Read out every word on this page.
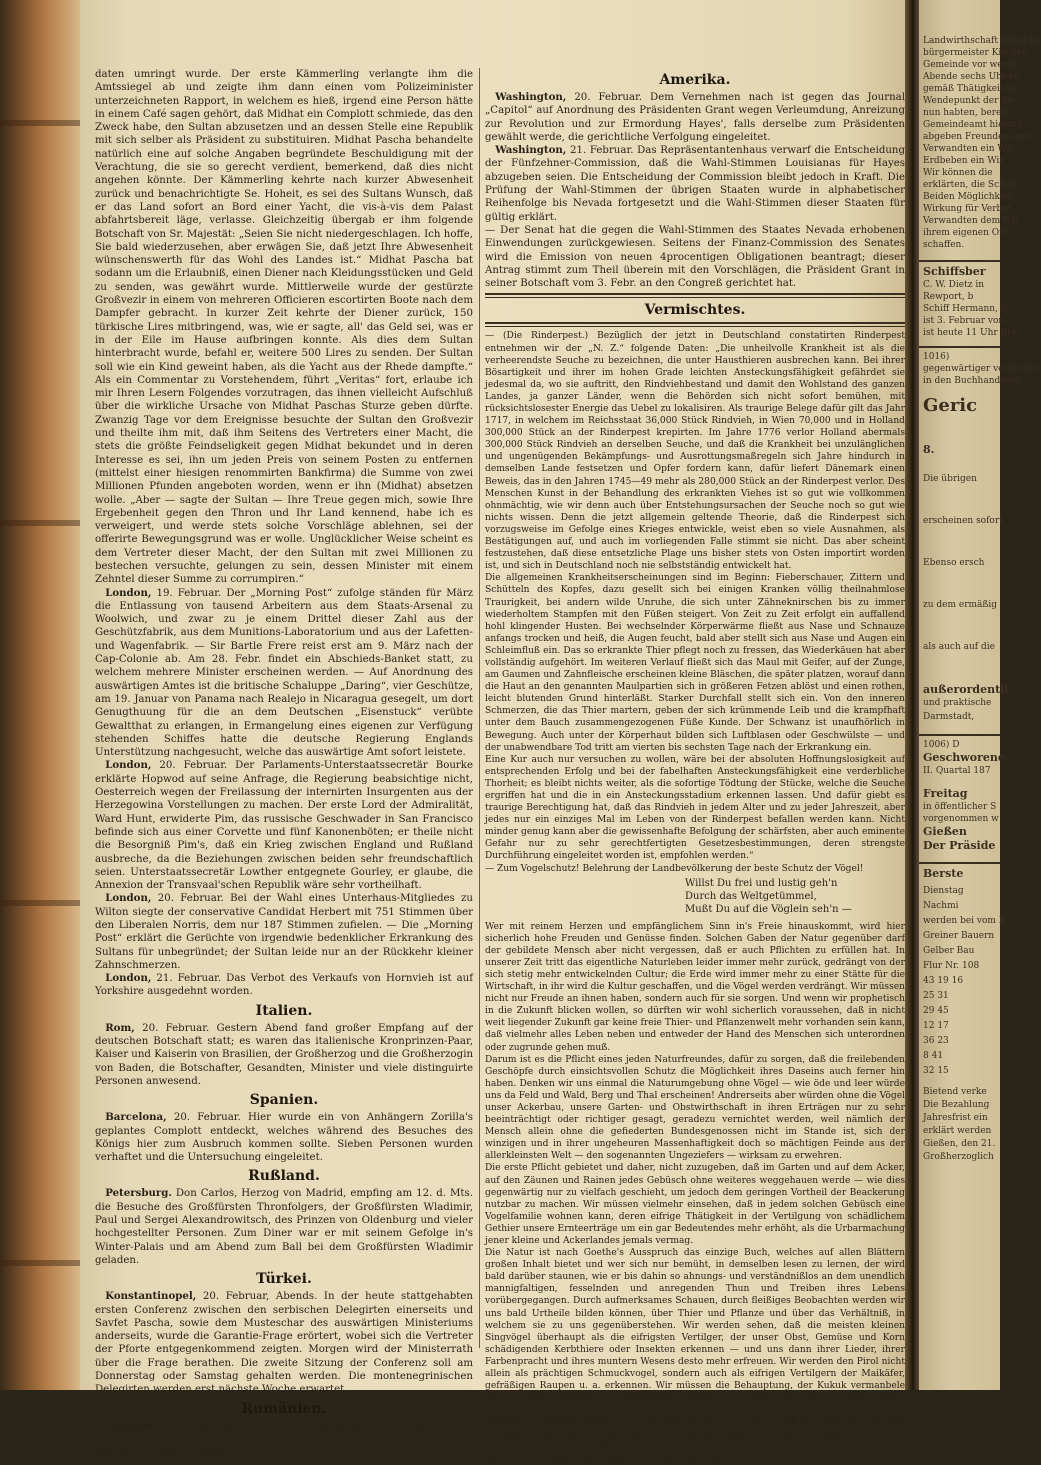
daten umringt wurde. Der erste Kämmerling verlangte ihm die Amtssiegel ab und zeigte ihm dann einen vom Polizeiminister unterzeichneten Rapport, in welchem es hieß, irgend eine Person hätte in einem Café sagen gehört, daß Midhat ein Complott schmiede, das den Zweck habe, den Sultan abzusetzen und an dessen Stelle eine Republik mit sich selber als Präsident zu substituiren. Midhat Pascha behandelte natürlich eine auf solche Angaben begründete Beschuldigung mit der Verachtung, die sie so gerecht verdient, bemerkend, daß dies nicht angehen könnte. Der Kämmerling kehrte nach kurzer Abwesenheit zurück und benachrichtigte Se. Hoheit, es sei des Sultans Wunsch, daß er das Land sofort an Bord einer Yacht, die vis-à-vis dem Palast abfahrtsbereit läge, verlasse. Gleichzeitig übergab er ihm folgende Botschaft von Sr. Majestät: „Seien Sie nicht niedergeschlagen. Ich hoffe, Sie bald wiederzusehen, aber erwägen Sie, daß jetzt Ihre Abwesenheit wünschenswerth für das Wohl des Landes ist.“ Midhat Pascha bat sodann um die Erlaubniß, einen Diener nach Kleidungsstücken und Geld zu senden, was gewährt wurde. Mittlerweile wurde der gestürzte Großvezir in einem von mehreren Officieren escortirten Boote nach dem Dampfer gebracht. In kurzer Zeit kehrte der Diener zurück, 150 türkische Lires mitbringend, was, wie er sagte, all' das Geld sei, was er in der Eile im Hause aufbringen konnte. Als dies dem Sultan hinterbracht wurde, befahl er, weitere 500 Lires zu senden. Der Sultan soll wie ein Kind geweint haben, als die Yacht aus der Rhede dampfte.“ Als ein Commentar zu Vorstehendem, führt „Veritas“ fort, erlaube ich mir Ihren Lesern Folgendes vorzutragen, das ihnen vielleicht Aufschluß über die wirkliche Ursache von Midhat Paschas Sturze geben dürfte. Zwanzig Tage vor dem Ereignisse besuchte der Sultan den Großvezir und theilte ihm mit, daß ihm Seitens des Vertreters einer Macht, die stets die größte Feindseligkeit gegen Midhat bekundet und in deren Interesse es sei, ihn um jeden Preis von seinem Posten zu entfernen (mittelst einer hiesigen renommirten Bankfirma) die Summe von zwei Millionen Pfunden angeboten worden, wenn er ihn (Midhat) absetzen wolle. „Aber — sagte der Sultan — Ihre Treue gegen mich, sowie Ihre Ergebenheit gegen den Thron und Ihr Land kennend, habe ich es verweigert, und werde stets solche Vorschläge ablehnen, sei der offerirte Bewegungsgrund was er wolle. Unglücklicher Weise scheint es dem Vertreter dieser Macht, der den Sultan mit zwei Millionen zu bestechen versuchte, gelungen zu sein, dessen Minister mit einem Zehntel dieser Summe zu corrumpiren.“

 London, 19. Februar. Der „Morning Post“ zufolge ständen für März die Entlassung von tausend Arbeitern aus dem Staats-Arsenal zu Woolwich, und zwar zu je einem Drittel dieser Zahl aus der Geschützfabrik, aus dem Munitions-Laboratorium und aus der Lafetten- und Wagenfabrik. — Sir Bartle Frere reist erst am 9. März nach der Cap-Colonie ab. Am 28. Febr. findet ein Abschieds-Banket statt, zu welchem mehrere Minister erscheinen werden. — Auf Anordnung des auswärtigen Amtes ist die britische Schaluppe „Daring“, vier Geschütze, am 19. Januar von Panama nach Realejo in Nicaragua gesegelt, um dort Genugthuung für die an dem Deutschen „Eisenstuck“ verübte Gewaltthat zu erlangen, in Ermangelung eines eigenen zur Verfügung stehenden Schiffes hatte die deutsche Regierung Englands Unterstützung nachgesucht, welche das auswärtige Amt sofort leistete.

 London, 20. Februar. Der Parlaments-Unterstaatssecretär Bourke erklärte Hopwod auf seine Anfrage, die Regierung beabsichtige nicht, Oesterreich wegen der Freilassung der internirten Insurgenten aus der Herzegowina Vorstellungen zu machen. Der erste Lord der Admiralität, Ward Hunt, erwiderte Pim, das russische Geschwader in San Francisco befinde sich aus einer Corvette und fünf Kanonenböten; er theile nicht die Besorgniß Pim's, daß ein Krieg zwischen England und Rußland ausbreche, da die Beziehungen zwischen beiden sehr freundschaftlich seien. Unterstaatssecretär Lowther entgegnete Gourley, er glaube, die Annexion der Transvaal'schen Republik wäre sehr vortheilhaft.

 London, 20. Februar. Bei der Wahl eines Unterhaus-Mitgliedes zu Wilton siegte der conservative Candidat Herbert mit 751 Stimmen über den Liberalen Norris, dem nur 187 Stimmen zufielen. — Die „Morning Post“ erklärt die Gerüchte von irgendwie bedenklicher Erkrankung des Sultans für unbegründet; der Sultan leide nur an der Rückkehr kleiner Zahnschmerzen.

 London, 21. Februar. Das Verbot des Verkaufs von Hornvieh ist auf Yorkshire ausgedehnt worden.

Italien.

 Rom, 20. Februar. Gestern Abend fand großer Empfang auf der deutschen Botschaft statt; es waren das italienische Kronprinzen-Paar, Kaiser und Kaiserin von Brasilien, der Großherzog und die Großherzogin von Baden, die Botschafter, Gesandten, Minister und viele distinguirte Personen anwesend.

Spanien.

 Barcelona, 20. Februar. Hier wurde ein von Anhängern Zorilla's geplantes Complott entdeckt, welches während des Besuches des Königs hier zum Ausbruch kommen sollte. Sieben Personen wurden verhaftet und die Untersuchung eingeleitet.

Rußland.

 Petersburg. Don Carlos, Herzog von Madrid, empfing am 12. d. Mts. die Besuche des Großfürsten Thronfolgers, der Großfürsten Wladimir, Paul und Sergei Alexandrowitsch, des Prinzen von Oldenburg und vieler hochgestellter Personen. Zum Diner war er mit seinem Gefolge in's Winter-Palais und am Abend zum Ball bei dem Großfürsten Wladimir geladen.

Türkei.

 Konstantinopel, 20. Februar, Abends. In der heute stattgehabten ersten Conferenz zwischen den serbischen Delegirten einerseits und Savfet Pascha, sowie dem Musteschar des auswärtigen Ministeriums anderseits, wurde die Garantie-Frage erörtert, wobei sich die Vertreter der Pforte entgegenkommend zeigten. Morgen wird der Ministerrath über die Frage berathen. Die zweite Sitzung der Conferenz soll am Donnerstag oder Samstag gehalten werden. Die montenegrinischen Delegirten werden erst nächste Woche erwartet.

Rumänien.

 Bukarest, 20. Februar. Nach einer Meldung aus Sulina ist die türkische Flottille von Rustschuk zurückgekehrt und durch eine zweite Panzer-Corvette verstärkt.

Amerika.

 Washington, 20. Februar. Dem Vernehmen nach ist gegen das Journal „Capitol“ auf Anordnung des Präsidenten Grant wegen Verleumdung, Anreizung zur Revolution und zur Ermordung Hayes', falls derselbe zum Präsidenten gewählt werde, die gerichtliche Verfolgung eingeleitet.

 Washington, 21. Februar. Das Repräsentantenhaus verwarf die Entscheidung der Fünfzehner-Commission, daß die Wahl-Stimmen Louisianas für Hayes abzugeben seien. Die Entscheidung der Commission bleibt jedoch in Kraft. Die Prüfung der Wahl-Stimmen der übrigen Staaten wurde in alphabetischer Reihenfolge bis Nevada fortgesetzt und die Wahl-Stimmen dieser Staaten für gültig erklärt.

— Der Senat hat die gegen die Wahl-Stimmen des Staates Nevada erhobenen Einwendungen zurückgewiesen. Seitens der Finanz-Commission des Senates wird die Emission von neuen 4procentigen Obligationen beantragt; dieser Antrag stimmt zum Theil überein mit den Vorschlägen, die Präsident Grant in seiner Botschaft vom 3. Febr. an den Congreß gerichtet hat.

Vermischtes.

— (Die Rinderpest.) Bezüglich der jetzt in Deutschland constatirten Rinderpest entnehmen wir der „N. Z.“ folgende Daten: „Die unheilvolle Krankheit ist als die verheerendste Seuche zu bezeichnen, die unter Hausthieren ausbrechen kann. Bei ihrer Bösartigkeit und ihrer im hohen Grade leichten Ansteckungsfähigkeit gefährdet sie jedesmal da, wo sie auftritt, den Rindviehbestand und damit den Wohlstand des ganzen Landes, ja ganzer Länder, wenn die Behörden sich nicht sofort bemühen, mit rücksichtslosester Energie das Uebel zu lokalisiren. Als traurige Belege dafür gilt das Jahr 1717, in welchem im Reichsstaat 36,000 Stück Rindvieh, in Wien 70,000 und in Holland 300,000 Stück an der Rinderpest krepirten. Im Jahre 1776 verlor Holland abermals 300,000 Stück Rindvieh an derselben Seuche, und daß die Krankheit bei unzulänglichen und ungenügenden Bekämpfungs- und Ausrottungsmaßregeln sich Jahre hindurch in demselben Lande festsetzen und Opfer fordern kann, dafür liefert Dänemark einen Beweis, das in den Jahren 1745—49 mehr als 280,000 Stück an der Rinderpest verlor. Des Menschen Kunst in der Behandlung des erkrankten Viehes ist so gut wie vollkommen ohnmächtig, wie wir denn auch über Entstehungsursachen der Seuche noch so gut wie nichts wissen. Denn die jetzt allgemein geltende Theorie, daß die Rinderpest sich vorzugsweise im Gefolge eines Krieges entwickle, weist eben so viele Ausnahmen, als Bestätigungen auf, und auch im vorliegenden Falle stimmt sie nicht. Das aber scheint festzustehen, daß diese entsetzliche Plage uns bisher stets von Osten importirt worden ist, und sich in Deutschland noch nie selbstständig entwickelt hat.

Die allgemeinen Krankheitserscheinungen sind im Beginn: Fieberschauer, Zittern und Schütteln des Kopfes, dazu gesellt sich bei einigen Kranken völlig theilnahmlose Traurigkeit, bei andern wilde Unruhe, die sich unter Zähneknirschen bis zu immer wiederholtem Stampfen mit den Füßen steigert. Von Zeit zu Zeit erfolgt ein auffallend hohl klingender Husten. Bei wechselnder Körperwärme fließt aus Nase und Schnauze anfangs trocken und heiß, die Augen feucht, bald aber stellt sich aus Nase und Augen ein Schleimfluß ein. Das so erkrankte Thier pflegt noch zu fressen, das Wiederkäuen hat aber vollständig aufgehört. Im weiteren Verlauf fließt sich das Maul mit Geifer, auf der Zunge, am Gaumen und Zahnfleische erscheinen kleine Bläschen, die später platzen, worauf dann die Haut an den genannten Maulpartien sich in größeren Fetzen ablöst und einen rothen, leicht blutenden Grund hinterläßt. Starker Durchfall stellt sich ein. Von den inneren Schmerzen, die das Thier martern, geben der sich krümmende Leib und die krampfhaft unter dem Bauch zusammengezogenen Füße Kunde. Der Schwanz ist unaufhörlich in Bewegung. Auch unter der Körperhaut bilden sich Luftblasen oder Geschwülste — und der unabwendbare Tod tritt am vierten bis sechsten Tage nach der Erkrankung ein.

Eine Kur auch nur versuchen zu wollen, wäre bei der absoluten Hoffnungslosigkeit auf entsprechenden Erfolg und bei der fabelhaften Ansteckungsfähigkeit eine verderbliche Thorheit; es bleibt nichts weiter, als die sofortige Tödtung der Stücke, welche die Seuche ergriffen hat und die in ein Ansteckungsstadium erkennen lassen. Und dafür giebt es traurige Berechtigung hat, daß das Rindvieh in jedem Alter und zu jeder Jahreszeit, aber jedes nur ein einziges Mal im Leben von der Rinderpest befallen werden kann. Nicht minder genug kann aber die gewissenhafte Befolgung der schärfsten, aber auch eminente Gefahr nur zu sehr gerechtfertigten Gesetzesbestimmungen, deren strengste Durchführung eingeleitet worden ist, empfohlen werden.“

— Zum Vogelschutz! Belehrung der Landbevölkerung der beste Schutz der Vögel!

Willst Du frei und lustig geh'n
Durch das Weltgetümmel,
Mußt Du auf die Vöglein seh'n —

Wer mit reinem Herzen und empfänglichem Sinn in's Freie hinauskommt, wird hier sicherlich hohe Freuden und Genüsse finden. Solchen Gaben der Natur gegenüber darf der gebildete Mensch aber nicht vergessen, daß er auch Pflichten zu erfüllen hat. In unserer Zeit tritt das eigentliche Naturleben leider immer mehr zurück, gedrängt von der sich stetig mehr entwickelnden Cultur; die Erde wird immer mehr zu einer Stätte für die Wirtschaft, in ihr wird die Kultur geschaffen, und die Vögel werden verdrängt. Wir müssen nicht nur Freude an ihnen haben, sondern auch für sie sorgen. Und wenn wir prophetisch in die Zukunft blicken wollen, so dürften wir wohl sicherlich voraussehen, daß in nicht weit liegender Zukunft gar keine freie Thier- und Pflanzenwelt mehr vorhanden sein kann, daß vielmehr alles Leben neben und entweder der Hand des Menschen sich unterordnen oder zugrunde gehen muß.

Darum ist es die Pflicht eines jeden Naturfreundes, dafür zu sorgen, daß die freilebenden Geschöpfe durch einsichtsvollen Schutz die Möglichkeit ihres Daseins auch ferner hin haben. Denken wir uns einmal die Naturumgebung ohne Vögel — wie öde und leer würde uns da Feld und Wald, Berg und Thal erscheinen! Andrerseits aber würden ohne die Vögel unser Ackerbau, unsere Garten- und Obstwirthschaft in ihren Erträgen nur zu sehr beeinträchtigt oder richtiger gesagt, geradezu vernichtet werden, weil nämlich der Mensch allein ohne die gefiederten Bundesgenossen nicht im Stande ist, sich der winzigen und in ihrer ungeheuren Massenhaftigkeit doch so mächtigen Feinde aus der allerkleinsten Welt — den sogenannten Ungeziefers — wirksam zu erwehren.

Die erste Pflicht gebietet und daher, nicht zuzugeben, daß im Garten und auf dem Acker, auf den Zäunen und Rainen jedes Gebüsch ohne weiteres weggehauen werde — wie dies gegenwärtig nur zu vielfach geschieht, um jedoch dem geringen Vortheil der Beackerung nutzbar zu machen. Wir müssen vielmehr einsehen, daß in jedem solchen Gebüsch eine Vogelfamilie wohnen kann, deren eifrige Thätigkeit in der Vertilgung von schädlichem Gethier unsere Ernteerträge um ein gar Bedeutendes mehr erhöht, als die Urbarmachung jener kleine und Ackerlandes jemals vermag.

Die Natur ist nach Goethe's Ausspruch das einzige Buch, welches auf allen Blättern großen Inhalt bietet und wer sich nur bemüht, in demselben lesen zu lernen, der wird bald darüber staunen, wie er bis dahin so ahnungs- und verständnißlos an dem unendlich mannigfaltigen, fesselnden und anregenden Thun und Treiben ihres Lebens vorübergegangen. Durch aufmerksames Schauen, durch fleißiges Beobachten werden wir uns bald Urtheile bilden können, über Thier und Pflanze und über das Verhältniß, in welchem sie zu uns gegenüberstehen. Wir werden sehen, daß die meisten kleinen Singvögel überhaupt als die eifrigsten Vertilger, der unser Obst, Gemüse und Korn schädigenden Kerbthiere oder Insekten erkennen — und uns dann ihrer Lieder, ihrer Farbenpracht und ihres muntern Wesens desto mehr erfreuen. Wir werden den Pirol nicht allein als prächtigen Schmuckvogel, sondern auch als eifrigen Vertilgern der Maikäfer, gefräßigen Raupen u. a. erkennen. Wir müssen die Behauptung, der Kukuk vermanbele sich in einen Sperber, ein lächerliches Märchen ist, daß dieser Vogel sogar, gegen, trotzdem er manches Sängernest zugrunde richtet, doch zu den wichtigsten Vertilgern der Maikäfer, gefräßigen Raupen u. a. ist. Wir werden auch sehen, daß der Sperling, während wir ihm für gewöhnlich zum Dank dafür, daß er Maikäfer, Blattläuse, Raupen u. a. frißt, wohl unsern Schutz gewähren, doch dort geschossen und gefangen werden soll, wo er in großen Schwärmen das reifende Getreide oder das

Landwirthschaft behörde.
bürgermeister Kirchen
Gemeinde vor werde
Abende sechs Uhr zu
gemäß Thätigkeit ist
Wendepunkt der Be-
nun habten, bereit
Gemeindeamt hiermit
abgeben Freunden und
Verwandten ein Wir
Erdbeben ein Wir
Wir können die
erklärten, die Schule
Beiden Möglichkeit
Wirkung für Verbot
Verwandten dem Wir
ihrem eigenen Ort
schaffen.
Schiffsber
C. W. Dietz in
Rewport, b
Schiff Hermann, G
ist 3. Februar von
ist heute 11 Uhr Bre
1016)
gegenwärtiger verbreitet
in den Buchhandlung
Geric
8.
Die übrigen
erscheinen sofort
Ebenso ersch
zu dem ermäßig
als auch auf die
außerordentli
und praktische
Darmstadt,
1006) D
Geschworene
II. Quartal 187
Freitag
in öffentlicher S
vorgenommen w
Gießen
Der Präside
Berste
Dienstag
Nachmi
werden bei vom B
Greiner Bauern
Gelber Bau
Flur Nr. 108
43 19 16
25 31
29 45
12 17
36 23
8 41
32 15
Bietend verke
Die Bezahlung
Jahresfrist ein
erklärt werden
Gießen, den 21.
Großherzoglich
